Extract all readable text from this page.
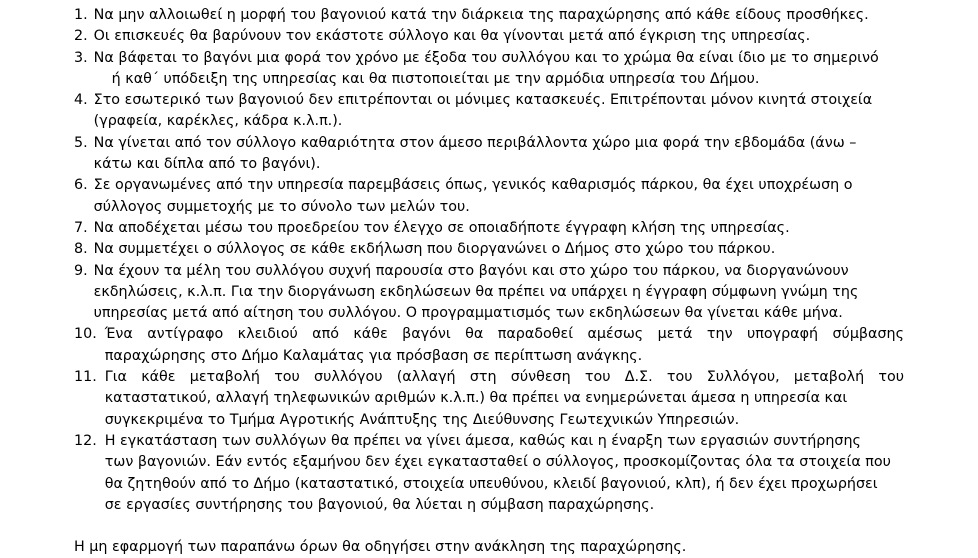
1. Να μην αλλοιωθεί η μορφή του βαγονιού κατά την διάρκεια της παραχώρησης από κάθε είδους προσθήκες.
2. Οι επισκευές θα βαρύνουν τον εκάστοτε σύλλογο και θα γίνονται μετά από έγκριση της υπηρεσίας.
3. Να βάφεται το βαγόνι μια φορά τον χρόνο με έξοδα του συλλόγου και το χρώμα θα είναι ίδιο με το σημερινό
ή καθ΄ υπόδειξη της υπηρεσίας και θα πιστοποιείται με την αρμόδια υπηρεσία του Δήμου.
4. Στο εσωτερικό των βαγονιού δεν επιτρέπονται οι μόνιμες κατασκευές. Επιτρέπονται μόνον κινητά στοιχεία
(γραφεία, καρέκλες, κάδρα κ.λ.π.).
5. Να γίνεται από τον σύλλογο καθαριότητα στον άμεσο περιβάλλοντα χώρο μια φορά την εβδομάδα (άνω –
κάτω και δίπλα από το βαγόνι).
6. Σε οργανωμένες από την υπηρεσία παρεμβάσεις όπως, γενικός καθαρισμός πάρκου, θα έχει υποχρέωση ο
σύλλογος συμμετοχής με το σύνολο των μελών του.
7. Να αποδέχεται μέσω του προεδρείου τον έλεγχο σε οποιαδήποτε έγγραφη κλήση της υπηρεσίας.
8. Να συμμετέχει ο σύλλογος σε κάθε εκδήλωση που διοργανώνει ο Δήμος στο χώρο του πάρκου.
9. Να έχουν τα μέλη του συλλόγου συχνή παρουσία στο βαγόνι και στο χώρο του πάρκου, να διοργανώνουν
εκδηλώσεις, κ.λ.π. Για την διοργάνωση εκδηλώσεων θα πρέπει να υπάρχει η έγγραφη σύμφωνη γνώμη της
υπηρεσίας μετά από αίτηση του συλλόγου. Ο προγραμματισμός των εκδηλώσεων θα γίνεται κάθε μήνα.
10. Ένα αντίγραφο κλειδιού από κάθε βαγόνι θα παραδοθεί αμέσως μετά την υπογραφή σύμβασης
παραχώρησης στο Δήμο Καλαμάτας για πρόσβαση σε περίπτωση ανάγκης.
11. Για κάθε μεταβολή του συλλόγου (αλλαγή στη σύνθεση του Δ.Σ. του Συλλόγου, μεταβολή του
καταστατικού, αλλαγή τηλεφωνικών αριθμών κ.λ.π.) θα πρέπει να ενημερώνεται άμεσα η υπηρεσία και
συγκεκριμένα το Τμήμα Αγροτικής Ανάπτυξης της Διεύθυνσης Γεωτεχνικών Υπηρεσιών.
12. Η εγκατάσταση των συλλόγων θα πρέπει να γίνει άμεσα, καθώς και η έναρξη των εργασιών συντήρησης
των βαγονιών. Εάν εντός εξαμήνου δεν έχει εγκατασταθεί ο σύλλογος, προσκομίζοντας όλα τα στοιχεία που
θα ζητηθούν από το Δήμο (καταστατικό, στοιχεία υπευθύνου, κλειδί βαγονιού, κλπ), ή δεν έχει προχωρήσει
σε εργασίες συντήρησης του βαγονιού, θα λύεται η σύμβαση παραχώρησης.
Η μη εφαρμογή των παραπάνω όρων θα οδηγήσει στην ανάκληση της παραχώρησης.
